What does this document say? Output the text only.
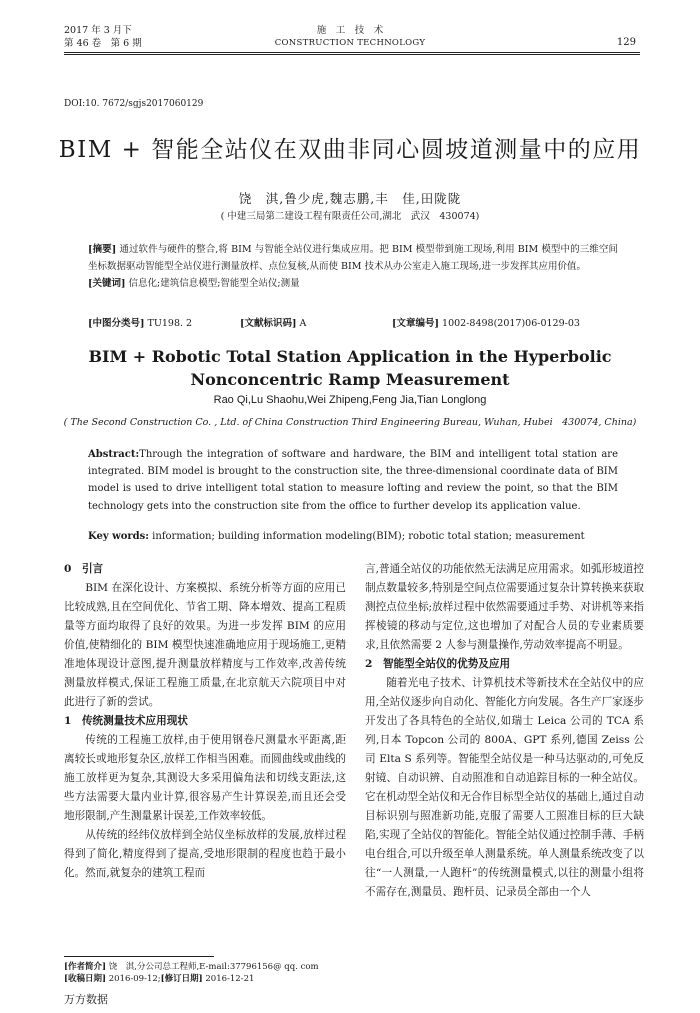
2017 年 3 月下
第 46 卷　第 6 期
施　工　技　术
CONSTRUCTION TECHNOLOGY	129
DOI:10. 7672/sgjs2017060129
BIM + 智能全站仪在双曲非同心圆坡道测量中的应用
饶　淇,鲁少虎,魏志鹏,丰　佳,田陇陇
( 中建三局第二建设工程有限责任公司,湖北　武汉　430074)
[摘要] 通过软件与硬件的整合,将 BIM 与智能全站仪进行集成应用。把 BIM 模型带到施工现场,利用 BIM 模型中的三维空间坐标数据驱动智能型全站仪进行测量放样、点位复核,从而使 BIM 技术从办公室走入施工现场,进一步发挥其应用价值。
[关键词] 信息化;建筑信息模型;智能型全站仪;测量
[中图分类号] TU198. 2	[文献标识码] A	[文章编号] 1002-8498(2017)06-0129-03
BIM + Robotic Total Station Application in the Hyperbolic
Nonconcentric Ramp Measurement
Rao Qi,Lu Shaohu,Wei Zhipeng,Feng Jia,Tian Longlong
( The Second Construction Co. , Ltd. of China Construction Third Engineering Bureau, Wuhan, Hubei　430074, China)
Abstract:Through the integration of software and hardware, the BIM and intelligent total station are integrated. BIM model is brought to the construction site, the three-dimensional coordinate data of BIM model is used to drive intelligent total station to measure lofting and review the point, so that the BIM technology gets into the construction site from the office to further develop its application value.
Key words: information; building information modeling(BIM); robotic total station; measurement
0　引言

BIM 在深化设计、方案模拟、系统分析等方面的应用已比较成熟,且在空间优化、节省工期、降本增效、提高工程质量等方面均取得了良好的效果。为进一步发挥 BIM 的应用价值,使精细化的 BIM 模型快速准确地应用于现场施工,更精准地体现设计意图,提升测量放样精度与工作效率,改善传统测量放样模式,保证工程施工质量,在北京航天六院项目中对此进行了新的尝试。

1　传统测量技术应用现状

传统的工程施工放样,由于使用钢卷尺测量水平距离,距离较长或地形复杂区,放样工作相当困难。而圆曲线或曲线的施工放样更为复杂,其测设大多采用偏角法和切线支距法,这些方法需要大量内业计算,很容易产生计算误差,而且还会受地形限制,产生测量累计误差,工作效率较低。

从传统的经纬仪放样到全站仪坐标放样的发展,放样过程得到了简化,精度得到了提高,受地形限制的程度也趋于最小化。然而,就复杂的建筑工程而

言,普通全站仪的功能依然无法满足应用需求。如弧形坡道控制点数量较多,特别是空间点位需要通过复杂计算转换来获取测控点位坐标;放样过程中依然需要通过手势、对讲机等来指挥棱镜的移动与定位,这也增加了对配合人员的专业素质要求,且依然需要 2 人参与测量操作,劳动效率提高不明显。

2　智能型全站仪的优势及应用

随着光电子技术、计算机技术等新技术在全站仪中的应用,全站仪逐步向自动化、智能化方向发展。各生产厂家逐步开发出了各具特色的全站仪,如瑞士 Leica 公司的 TCA 系列,日本 Topcon 公司的 800A、GPT 系列,德国 Zeiss 公司 Elta S 系列等。智能型全站仪是一种马达驱动的,可免反射镜、自动识辨、自动照准和自动追踪目标的一种全站仪。它在机动型全站仪和无合作目标型全站仪的基础上,通过自动目标识别与照准新功能,克服了需要人工照准目标的巨大缺陷,实现了全站仪的智能化。智能全站仪通过控制手薄、手柄电台组合,可以升级至单人测量系统。单人测量系统改变了以往“一人测量,一人跑杆”的传统测量模式,以往的测量小组将不需存在,测量员、跑杆员、记录员全部由一个人

[作者简介] 饶　淇,分公司总工程师,E-mail:37796156@ qq. com
[收稿日期] 2016-09-12;[修订日期] 2016-12-21
万方数据
